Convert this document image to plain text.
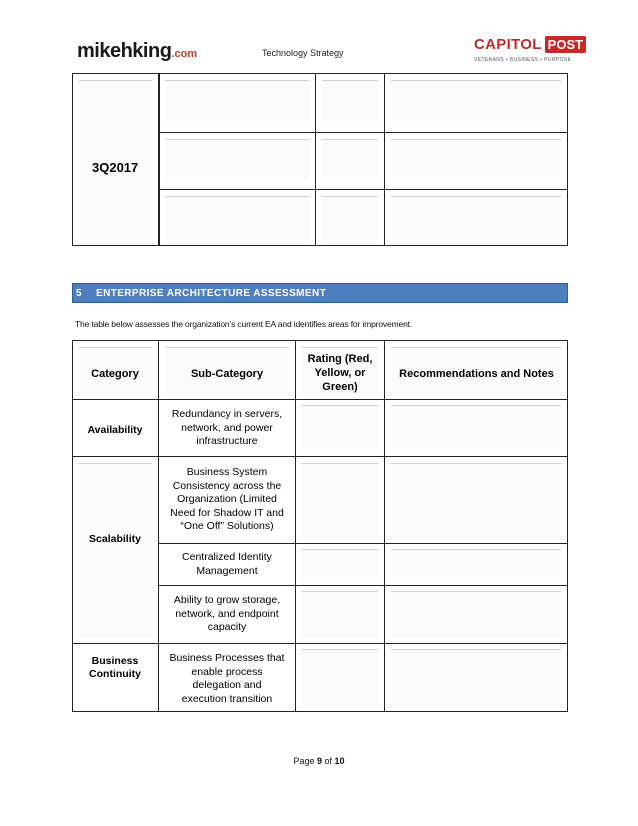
mikehking.com	Technology Strategy
CAPITOL POST
VETERANS • BUSINESS • PURPOSE
3Q2017
5 ENTERPRISE ARCHITECTURE ASSESSMENT
The table below assesses the organization’s current EA and identifies areas for improvement.
Category	Sub-Category
Rating (Red,
Yellow, or
Green)
Recommendations and Notes
Availability
Redundancy in servers,
network, and power
infrastructure
Scalability
Business System
Consistency across the
Organization (Limited
Need for Shadow IT and
“One Off” Solutions)
Centralized Identity
Management
Ability to grow storage,
network, and endpoint
capacity
Business
Continuity
Business Processes that
enable process
delegation and
execution transition
Page 9 of 10
